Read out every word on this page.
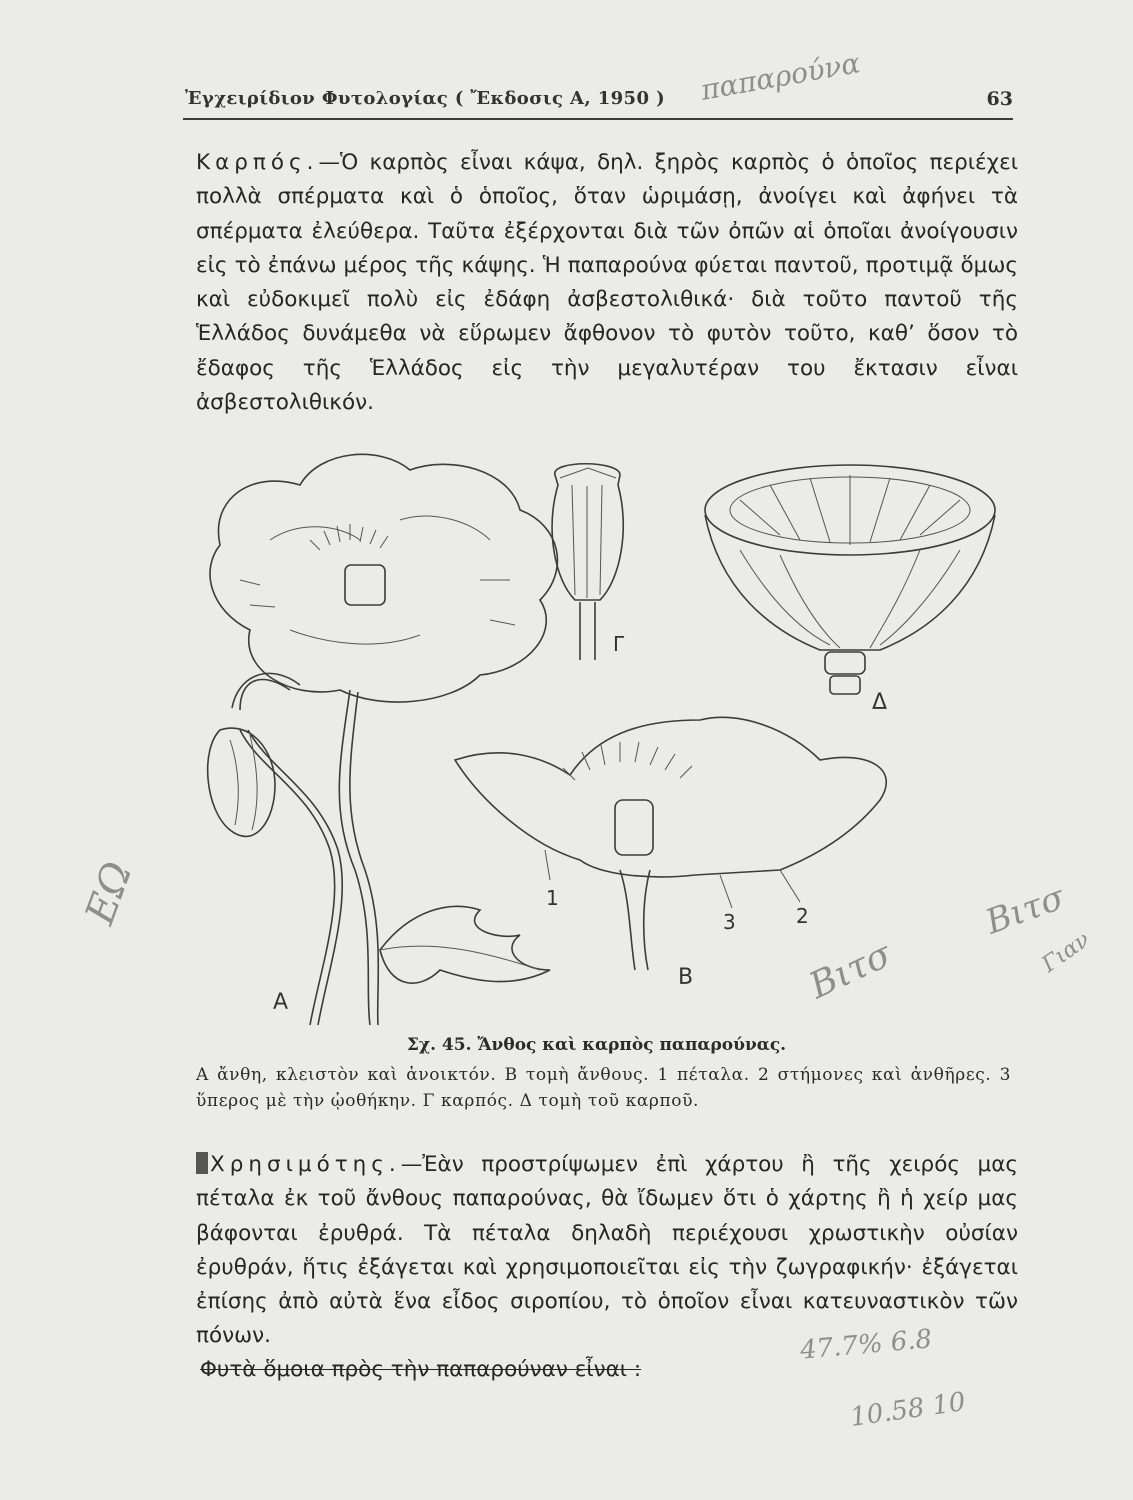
Ἐγχειρίδιον Φυτολογίας ( Ἔκδοσις Α, 1950 )	63
παπαρούνα
Καρπός.—Ὁ καρπὸς εἶναι κάψα, δηλ. ξηρὸς καρπὸς ὁ ὁποῖος περιέχει πολλὰ σπέρματα καὶ ὁ ὁποῖος, ὅταν ὡριμάσῃ, ἀνοίγει καὶ ἀφήνει τὰ σπέρματα ἐλεύθερα. Ταῦτα ἐξέρχονται διὰ τῶν ὀπῶν αἱ ὁποῖαι ἀνοίγουσιν εἰς τὸ ἐπάνω μέρος τῆς κάψης. Ἡ παπαρούνα φύεται παντοῦ, προτιμᾷ ὅμως καὶ εὐδοκιμεῖ πολὺ εἰς ἐδάφη ἀσβεστολιθικά· διὰ τοῦτο παντοῦ τῆς Ἑλλάδος δυνάμεθα νὰ εὕρωμεν ἄφθονον τὸ φυτὸν τοῦτο, καθ’ ὅσον τὸ ἔδαφος τῆς Ἑλλάδος εἰς τὴν μεγαλυτέραν του ἔκτασιν εἶναι ἀσβεστολιθικόν.
Α
Β
Γ
Δ
1
2
3
ΕΩ	Βιτσ
Γιαν
Βιτσ
Σχ. 45. Ἄνθος καὶ καρπὸς παπαρούνας.
Α ἄνθη, κλειστὸν καὶ ἀνοικτόν. Β τομὴ ἄνθους. 1 πέταλα. 2 στήμονες καὶ ἀνθῆρες. 3 ὕπερος μὲ τὴν ᾠοθήκην. Γ καρπός. Δ τομὴ τοῦ καρποῦ.
Χρησιμότης.—Ἐὰν προστρίψωμεν ἐπὶ χάρτου ἢ τῆς χειρός μας πέταλα ἐκ τοῦ ἄνθους παπαρούνας, θὰ ἴδωμεν ὅτι ὁ χάρτης ἢ ἡ χείρ μας βάφονται ἐρυθρά. Τὰ πέταλα δηλαδὴ περιέχουσι χρωστικὴν οὐσίαν ἐρυθράν, ἥτις ἐξάγεται καὶ χρησιμοποιεῖται εἰς τὴν ζωγραφικήν· ἐξάγεται ἐπίσης ἀπὸ αὐτὰ ἕνα εἶδος σιροπίου, τὸ ὁποῖον εἶναι κατευναστικὸν τῶν πόνων.
Φυτὰ ὅμοια πρὸς τὴν παπαρούναν εἶναι :
47.7% 6.8
10.58 10
